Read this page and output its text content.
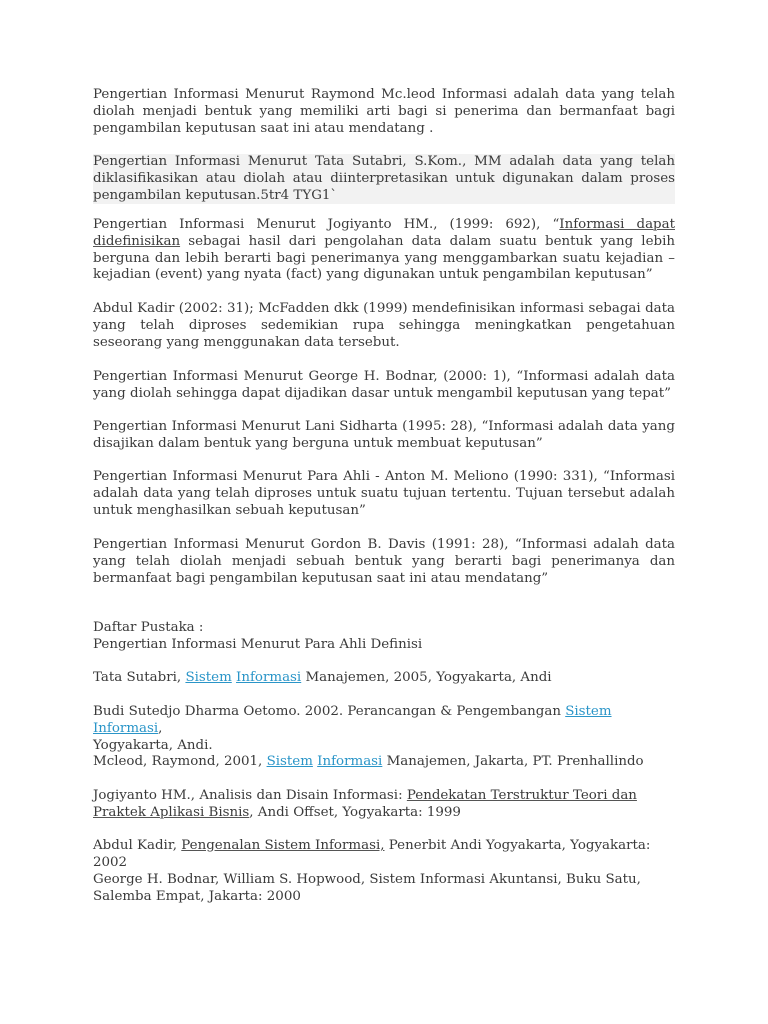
Pengertian Informasi Menurut Raymond Mc.leod Informasi adalah data yang telah diolah menjadi bentuk yang memiliki arti bagi si penerima dan bermanfaat bagi pengambilan keputusan saat ini atau mendatang .

Pengertian Informasi Menurut Tata Sutabri, S.Kom., MM adalah data yang telah diklasifikasikan atau diolah atau diinterpretasikan untuk digunakan dalam proses pengambilan keputusan.5tr4 TYG1`

Pengertian Informasi Menurut Jogiyanto HM., (1999: 692), “Informasi dapat didefinisikan sebagai hasil dari pengolahan data dalam suatu bentuk yang lebih berguna dan lebih berarti bagi penerimanya yang menggambarkan suatu kejadian – kejadian (event) yang nyata (fact) yang digunakan untuk pengambilan keputusan”

Abdul Kadir (2002: 31); McFadden dkk (1999) mendefinisikan informasi sebagai data yang telah diproses sedemikian rupa sehingga meningkatkan pengetahuan seseorang yang menggunakan data tersebut.

Pengertian Informasi Menurut George H. Bodnar, (2000: 1), “Informasi adalah data yang diolah sehingga dapat dijadikan dasar untuk mengambil keputusan yang tepat”

Pengertian Informasi Menurut Lani Sidharta (1995: 28), “Informasi adalah data yang disajikan dalam bentuk yang berguna untuk membuat keputusan”

Pengertian Informasi Menurut Para Ahli - Anton M. Meliono (1990: 331), “Informasi adalah data yang telah diproses untuk suatu tujuan tertentu. Tujuan tersebut adalah untuk menghasilkan sebuah keputusan”

Pengertian Informasi Menurut Gordon B. Davis (1991: 28), “Informasi adalah data yang telah diolah menjadi sebuah bentuk yang berarti bagi penerimanya dan bermanfaat bagi pengambilan keputusan saat ini atau mendatang”

Daftar Pustaka :

Pengertian Informasi Menurut Para Ahli Definisi

Tata Sutabri, Sistem Informasi Manajemen, 2005, Yogyakarta, Andi

Budi Sutedjo Dharma Oetomo. 2002. Perancangan & Pengembangan Sistem Informasi,
Yogyakarta, Andi.

Mcleod, Raymond, 2001, Sistem Informasi Manajemen, Jakarta, PT. Prenhallindo

Jogiyanto HM., Analisis dan Disain Informasi: Pendekatan Terstruktur Teori dan Praktek Aplikasi Bisnis, Andi Offset, Yogyakarta: 1999

Abdul Kadir, Pengenalan Sistem Informasi, Penerbit Andi Yogyakarta, Yogyakarta: 2002

George H. Bodnar, William S. Hopwood, Sistem Informasi Akuntansi, Buku Satu, Salemba Empat, Jakarta: 2000
